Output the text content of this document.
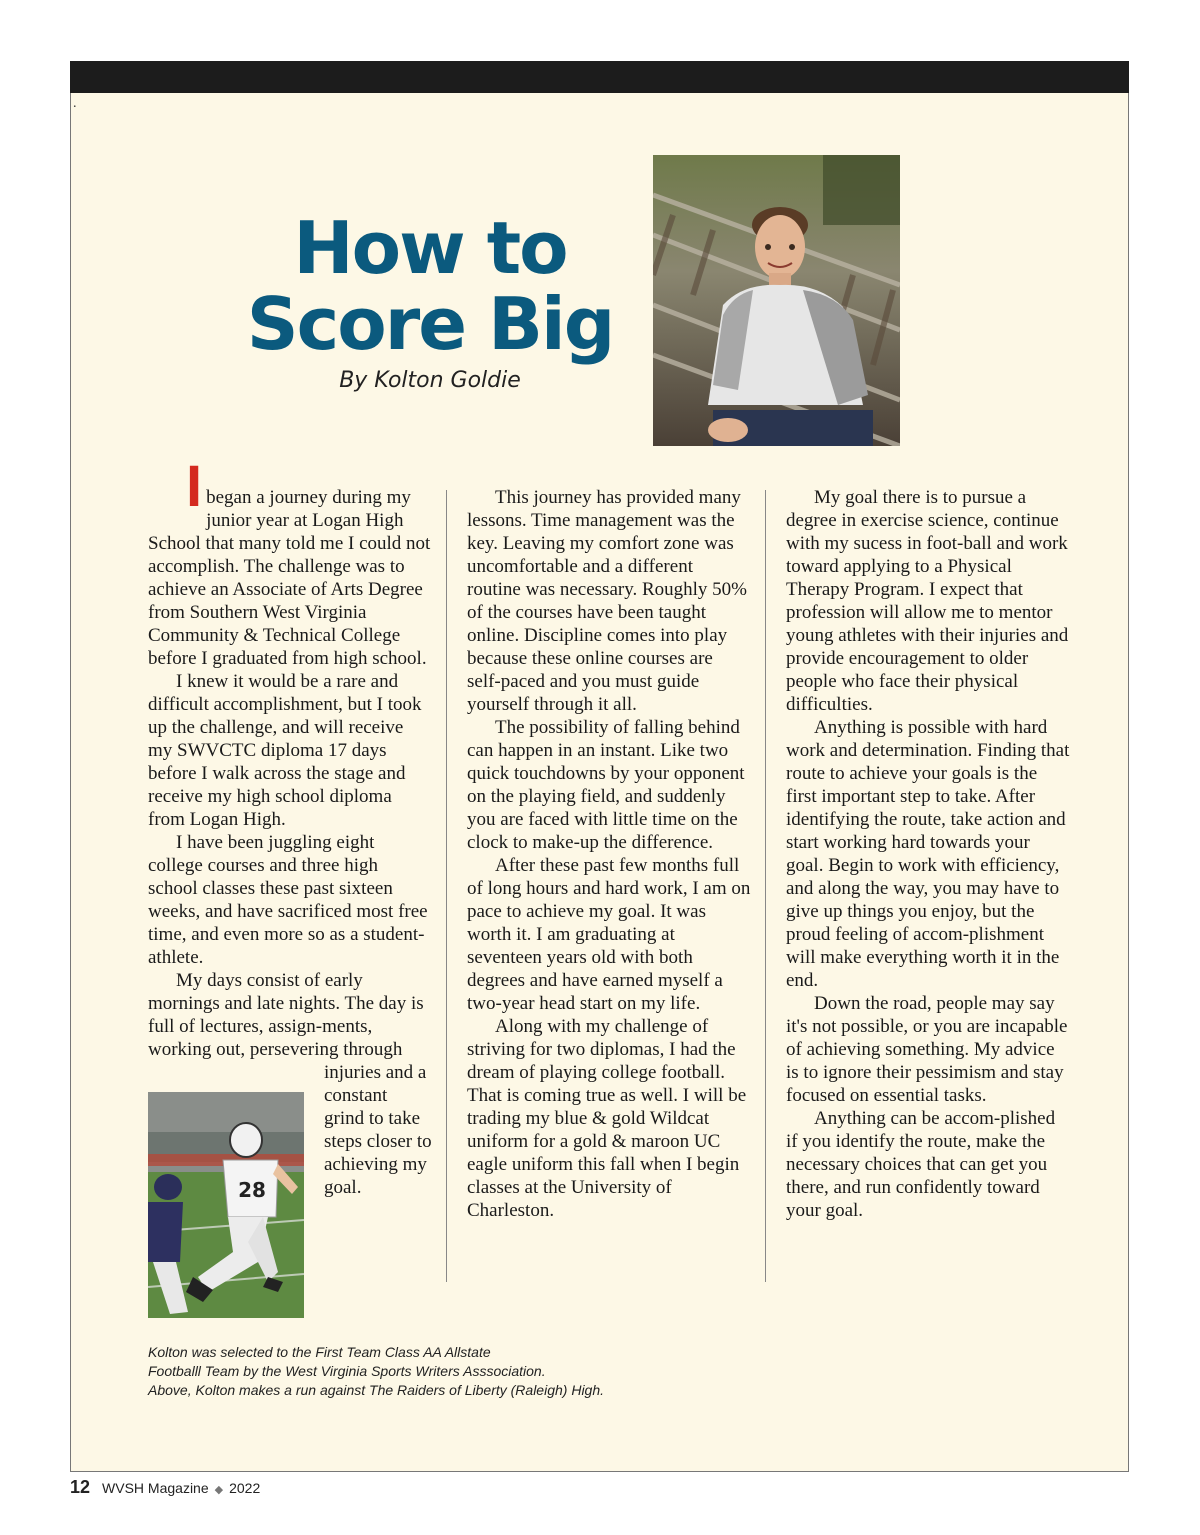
.
How to
Score Big
By Kolton Goldie

Ibegan a journey during my junior year at Logan High School that many told me I could not accomplish. The challenge was to achieve an Associate of Arts Degree from Southern West Virginia Community & Technical College before I graduated from high school.

I knew it would be a rare and difficult accomplishment, but I took up the challenge, and will receive my SWVCTC diploma 17 days before I walk across the stage and receive my high school diploma from Logan High.

I have been juggling eight college courses and three high school classes these past sixteen weeks, and have sacrificed most free time, and even more so as a student-athlete.

My days consist of early mornings and late nights. The day is full of lectures, assign-ments, working out, persevering
through injuries and a constant grind to take steps closer to achieving my goal.

This journey has provided many lessons. Time management was the key. Leaving my comfort zone was uncomfortable and a different routine was necessary. Roughly 50% of the courses have been taught online. Discipline comes into play because these online courses are self-paced and you must guide yourself through it all.

The possibility of falling behind can happen in an instant. Like two quick touchdowns by your opponent on the playing field, and suddenly you are faced with little time on the clock to make-up the difference.

After these past few months full of long hours and hard work, I am on pace to achieve my goal. It was worth it. I am graduating at seventeen years old with both degrees and have earned myself a two-year head start on my life.

Along with my challenge of striving for two diplomas, I had the dream of playing college football. That is coming true as well. I will be trading my blue & gold Wildcat uniform for a gold & maroon UC eagle uniform this fall when I begin classes at the University of Charleston.

My goal there is to pursue a degree in exercise science, continue with my sucess in foot-ball and work toward applying to a Physical Therapy Program. I expect that profession will allow me to mentor young athletes with their injuries and provide encouragement to older people who face their physical difficulties.

Anything is possible with hard work and determination. Finding that route to achieve your goals is the first important step to take. After identifying the route, take action and start working hard towards your goal. Begin to work with efficiency, and along the way, you may have to give up things you enjoy, but the proud feeling of accom-plishment will make everything worth it in the end.

Down the road, people may say it's not possible, or you are incapable of achieving something. My advice is to ignore their pessimism and stay focused on essential tasks.

Anything can be accom-plished if you identify the route, make the necessary choices that can get you there, and run confidently toward your goal.

28
Kolton was selected to the First Team Class AA Allstate
Footballl Team by the West Virginia Sports Writers Asssociation.
Above, Kolton makes a run against The Raiders of Liberty (Raleigh) High.
12 WVSH Magazine ◆ 2022
